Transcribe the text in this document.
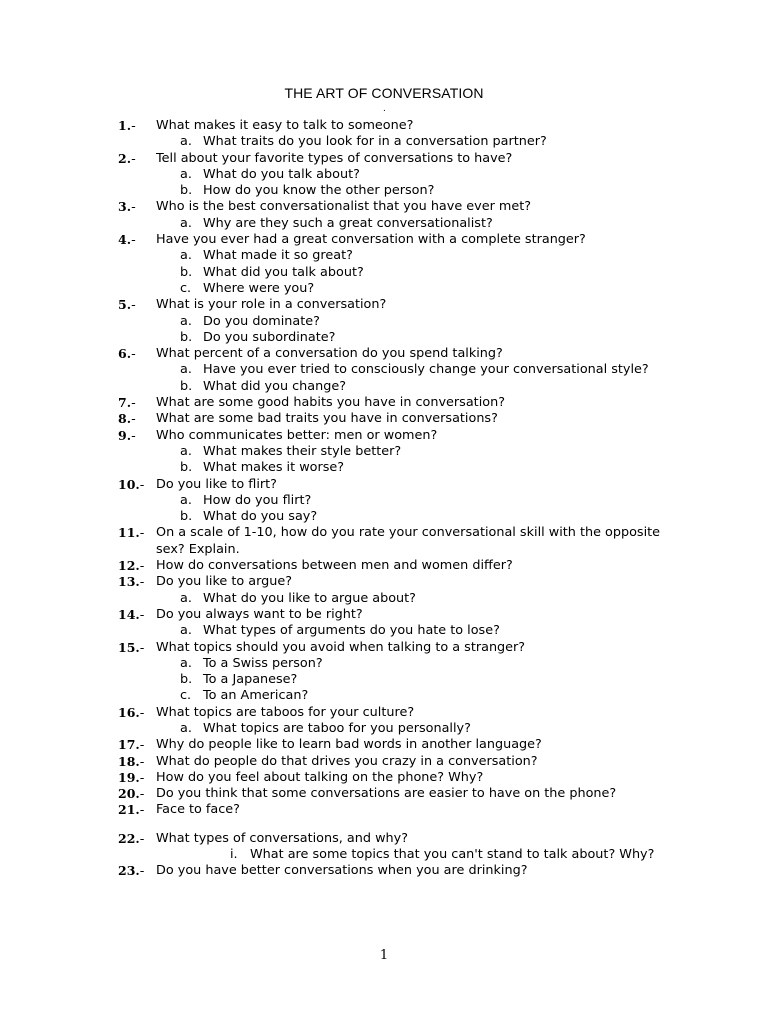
THE ART OF CONVERSATION
.
1.-	What makes it easy to talk to someone?
a. What traits do you look for in a conversation partner?
2.-	Tell about your favorite types of conversations to have?
a. What do you talk about?
b. How do you know the other person?
3.-	Who is the best conversationalist that you have ever met?
a. Why are they such a great conversationalist?
4.-	Have you ever had a great conversation with a complete stranger?
a. What made it so great?
b. What did you talk about?
c. Where were you?
5.-	What is your role in a conversation?
a. Do you dominate?
b. Do you subordinate?
6.-	What percent of a conversation do you spend talking?
a. Have you ever tried to consciously change your conversational style?
b. What did you change?
7.-	What are some good habits you have in conversation?
8.-	What are some bad traits you have in conversations?
9.-	Who communicates better: men or women?
a. What makes their style better?
b. What makes it worse?
10.- Do you like to flirt?
a. How do you flirt?
b. What do you say?
11.- On a scale of 1-10, how do you rate your conversational skill with the opposite sex? Explain.
12.- How do conversations between men and women differ?
13.- Do you like to argue?
a. What do you like to argue about?
14.- Do you always want to be right?
a. What types of arguments do you hate to lose?
15.- What topics should you avoid when talking to a stranger?
a. To a Swiss person?
b. To a Japanese?
c. To an American?
16.- What topics are taboos for your culture?
a. What topics are taboo for you personally?
17.- Why do people like to learn bad words in another language?
18.- What do people do that drives you crazy in a conversation?
19.- How do you feel about talking on the phone? Why?
20.- Do you think that some conversations are easier to have on the phone?
21.- Face to face?
22.- What types of conversations, and why?
i. What are some topics that you can't stand to talk about? Why?
23.- Do you have better conversations when you are drinking?
1
